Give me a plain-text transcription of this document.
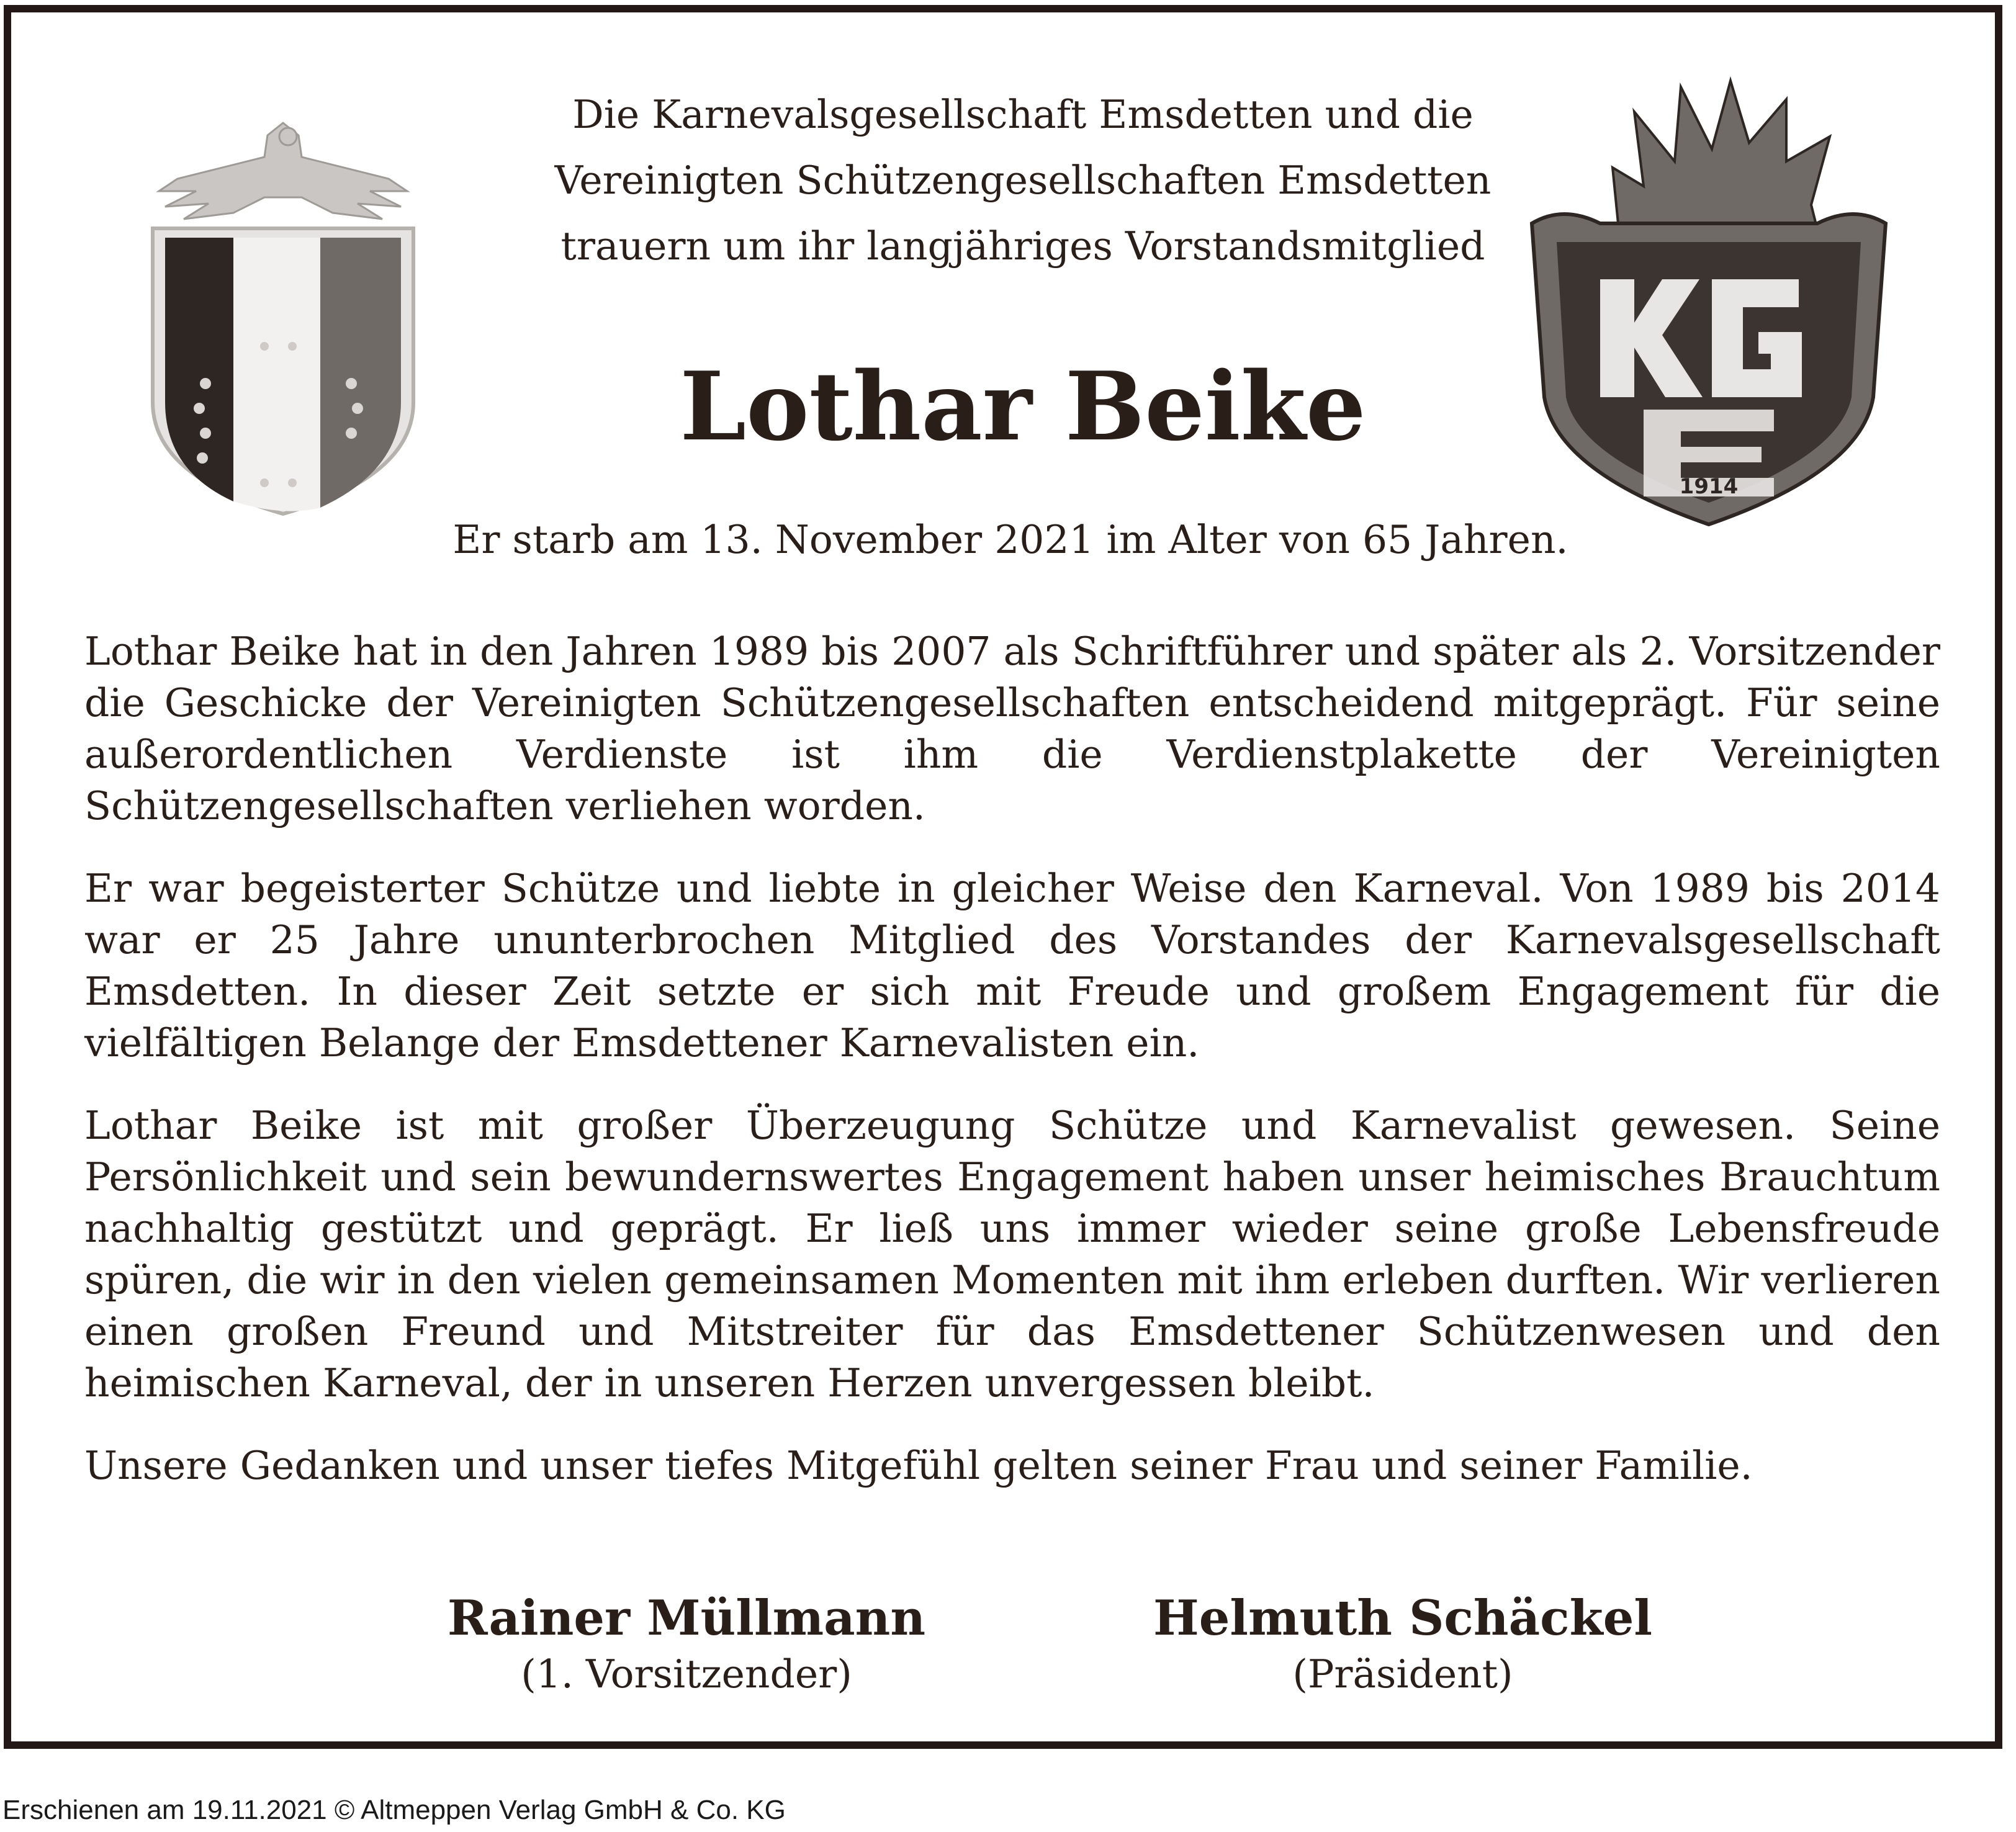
1914
Die Karnevalsgesellschaft Emsdetten und die
Vereinigten Schützengesellschaften Emsdetten
trauern um ihr langjähriges Vorstandsmitglied
Lothar Beike
Er starb am 13. November 2021 im Alter von 65 Jahren.

Lothar Beike hat in den Jahren 1989 bis 2007 als Schriftführer und später als 2. Vorsitzender die Geschicke der Vereinigten Schützengesellschaften entscheidend mitgeprägt. Für seine außerordentlichen Verdienste ist ihm die Verdienstplakette der Vereinigten Schützengesellschaften verliehen worden.

Er war begeisterter Schütze und liebte in gleicher Weise den Karneval. Von 1989 bis 2014 war er 25 Jahre ununterbrochen Mitglied des Vorstandes der Karnevalsgesellschaft Emsdetten. In dieser Zeit setzte er sich mit Freude und großem Engagement für die vielfältigen Belange der Emsdettener Karnevalisten ein.

Lothar Beike ist mit großer Überzeugung Schütze und Karnevalist gewesen. Seine Persönlichkeit und sein bewundernswertes Engagement haben unser heimisches Brauchtum nachhaltig gestützt und geprägt. Er ließ uns immer wieder seine große Lebensfreude spüren, die wir in den vielen gemeinsamen Momenten mit ihm erleben durften. Wir verlieren einen großen Freund und Mitstreiter für das Emsdettener Schützenwesen und den heimischen Karneval, der in unseren Herzen unvergessen bleibt.

Unsere Gedanken und unser tiefes Mitgefühl gelten seiner Frau und seiner Familie.

Rainer Müllmann
(1. Vorsitzender)
Helmuth Schäckel
(Präsident)
Erschienen am 19.11.2021 © Altmeppen Verlag GmbH & Co. KG
